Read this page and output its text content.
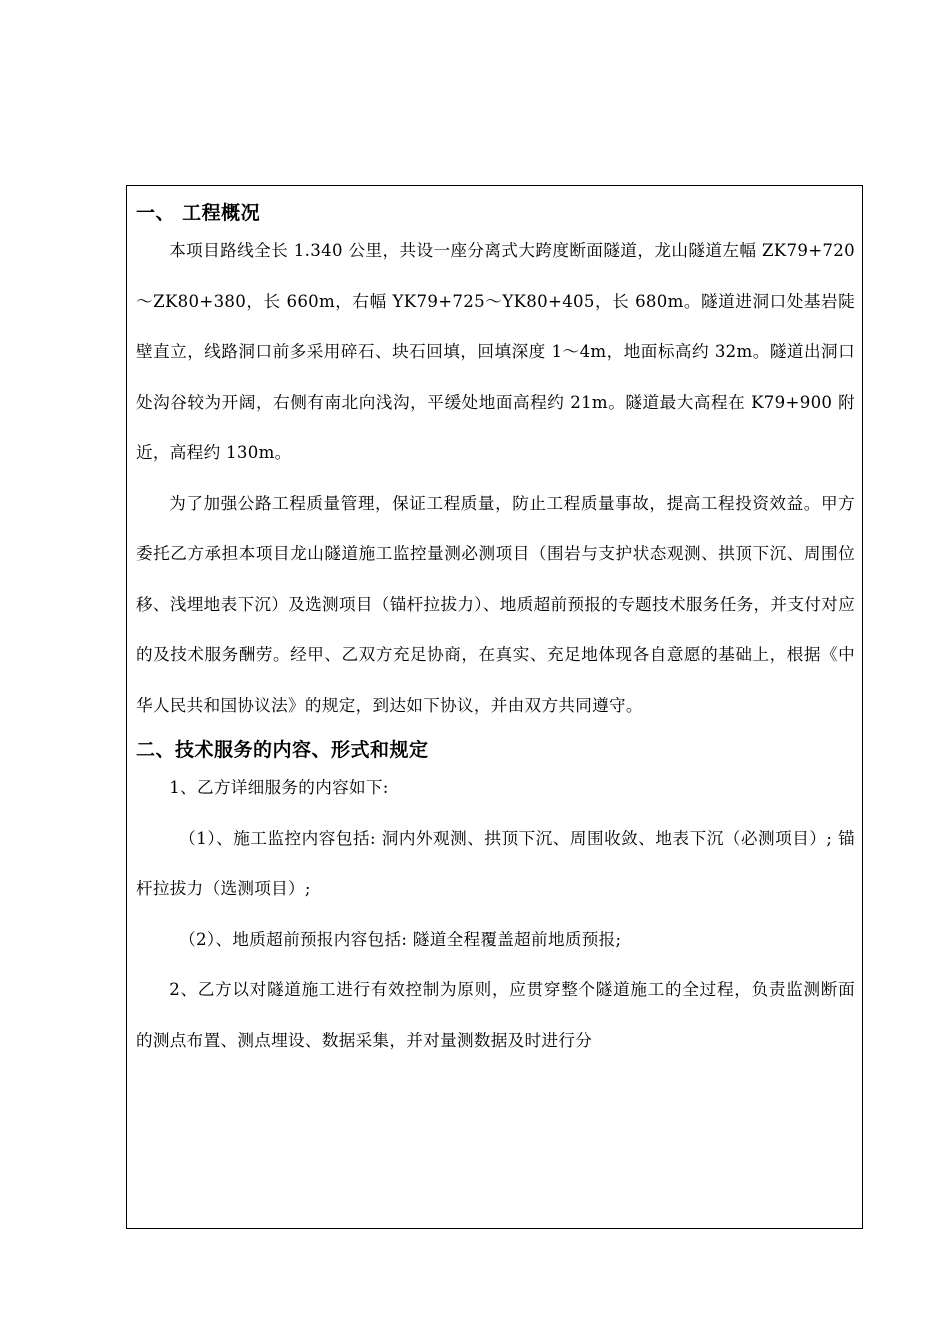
一、 工程概况

本项目路线全长 1.340 公里，共设一座分离式大跨度断面隧道，龙山隧道左幅 ZK79+720～ZK80+380，长 660m，右幅 YK79+725～YK80+405，长 680m。隧道进洞口处基岩陡壁直立，线路洞口前多采用碎石、块石回填，回填深度 1～4m，地面标高约 32m。隧道出洞口处沟谷较为开阔，右侧有南北向浅沟，平缓处地面高程约 21m。隧道最大高程在 K79+900 附近，高程约 130m。

为了加强公路工程质量管理，保证工程质量，防止工程质量事故，提高工程投资效益。甲方委托乙方承担本项目龙山隧道施工监控量测必测项目（围岩与支护状态观测、拱顶下沉、周围位移、浅埋地表下沉）及选测项目（锚杆拉拔力）、地质超前预报的专题技术服务任务，并支付对应的及技术服务酬劳。经甲、乙双方充足协商，在真实、充足地体现各自意愿的基础上，根据《中华人民共和国协议法》的规定，到达如下协议，并由双方共同遵守。

二、技术服务的内容、形式和规定

1、乙方详细服务的内容如下:

（1）、施工监控内容包括: 洞内外观测、拱顶下沉、周围收敛、地表下沉（必测项目）; 锚杆拉拔力（选测项目）;

（2）、地质超前预报内容包括: 隧道全程覆盖超前地质预报;

2、乙方以对隧道施工进行有效控制为原则，应贯穿整个隧道施工的全过程，负责监测断面的测点布置、测点埋设、数据采集，并对量测数据及时进行分
